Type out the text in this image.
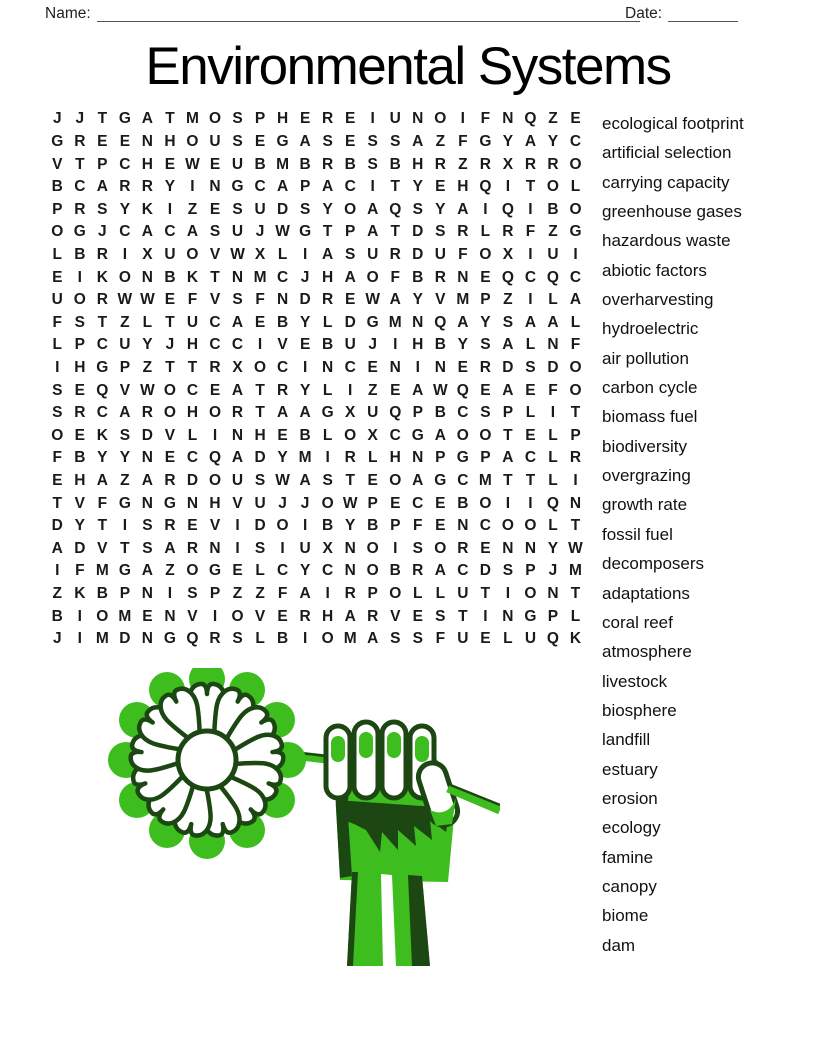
Name:	Date:
Environmental Systems
J J T G A T M O S P H E R E I U N O I	F N Q Z E
G R E E N H O U S E G A S E S S A Z F G Y A Y C
V T P C H E W E U B M B R B S B H R Z R X R R O
B C A R R Y I N G C A P A C I	T Y E H Q I	T O L
P R S Y K I	Z E S U D S Y O A Q S Y A I Q I B O
O G J C A C A S U J W G T P A T D S R L R F Z G
L B R I X U O V W X L	I A S U R D U F O X I U I
E I K O N B K T N M C J H A O F B R N E Q C Q C
U O R W W E F V S F N D R E W A Y V M P Z	I	L A
F S T Z L T U C A E B Y L D G M N Q A Y S A A L
L P C U Y J H C C I V E B U J	I H B Y S A L N F
I H G P Z T T R X O C I N C E N I N E R D S D O
S E Q V W O C E A T R Y L	I	Z E A W Q E A E F O
S R C A R O H O R T A A G X U Q P B C S P L	I	T
O E K S D V L	I N H E B L O X C G A O O T E L P
F B Y Y N E C Q A D Y M I R L H N P G P A C L R
E H A Z A R D O U S W A S T E O A G C M T T L	I
T V F G N G N H V U J J O W P E C E B O I	I Q N
D Y T	I S R E V I D O I B Y B P F E N C O O L T
A D V T S A R N I S I U X N O I S O R E N N Y W
I	F M G A Z O G E L C Y C N O B R A C D S P J M
Z K B P N I S P Z Z F A I R P O L L U T	I O N T
B I O M E N V I O V E R H A R V E S T	I N G P L
J	I M D N G Q R S L B I O M A S S F U E L U Q K
ecological footprint
artificial selection
carrying capacity
greenhouse gases
hazardous waste
abiotic factors
overharvesting
hydroelectric
air pollution
carbon cycle
biomass fuel
biodiversity
overgrazing
growth rate
fossil fuel
decomposers
adaptations
coral reef
atmosphere
livestock
biosphere
landfill
estuary
erosion
ecology
famine
canopy
biome
dam
